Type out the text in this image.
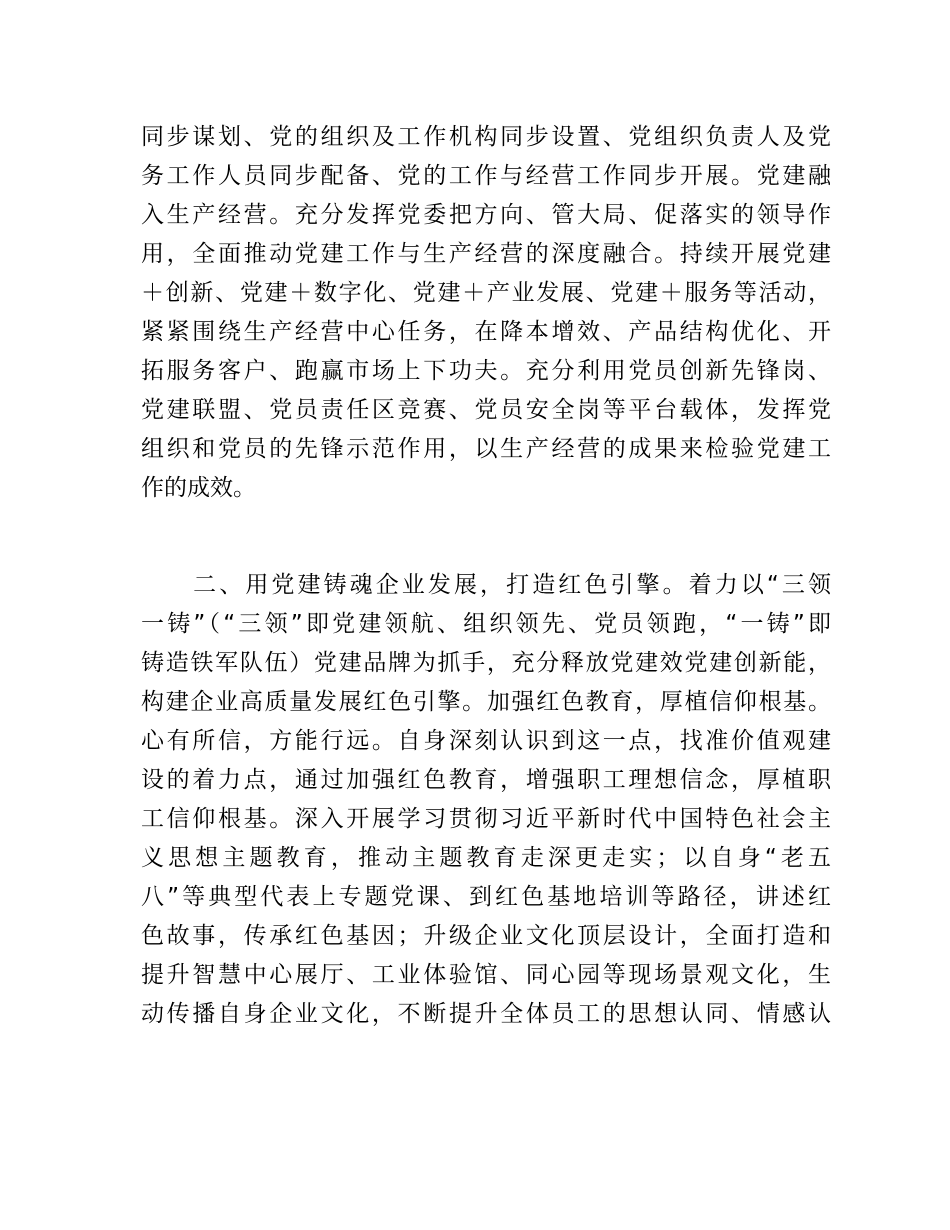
同步谋划、党的组织及工作机构同步设置、党组织负责人及党
务工作人员同步配备、党的工作与经营工作同步开展。党建融
入生产经营。充分发挥党委把方向、管大局、促落实的领导作
用，全面推动党建工作与生产经营的深度融合。持续开展党建
＋创新、党建＋数字化、党建＋产业发展、党建＋服务等活动，
紧紧围绕生产经营中心任务，在降本增效、产品结构优化、开
拓服务客户、跑赢市场上下功夫。充分利用党员创新先锋岗、
党建联盟、党员责任区竞赛、党员安全岗等平台载体，发挥党
组织和党员的先锋示范作用，以生产经营的成果来检验党建工
作的成效。
　　二、用党建铸魂企业发展，打造红色引擎。着力以“三领
一铸”（“三领”即党建领航、组织领先、党员领跑，“一铸”即
铸造铁军队伍）党建品牌为抓手，充分释放党建效党建创新能，
构建企业高质量发展红色引擎。加强红色教育，厚植信仰根基。
心有所信，方能行远。自身深刻认识到这一点，找准价值观建
设的着力点，通过加强红色教育，增强职工理想信念，厚植职
工信仰根基。深入开展学习贯彻习近平新时代中国特色社会主
义思想主题教育，推动主题教育走深更走实；以自身“老五
八”等典型代表上专题党课、到红色基地培训等路径，讲述红
色故事，传承红色基因；升级企业文化顶层设计，全面打造和
提升智慧中心展厅、工业体验馆、同心园等现场景观文化，生
动传播自身企业文化，不断提升全体员工的思想认同、情感认
